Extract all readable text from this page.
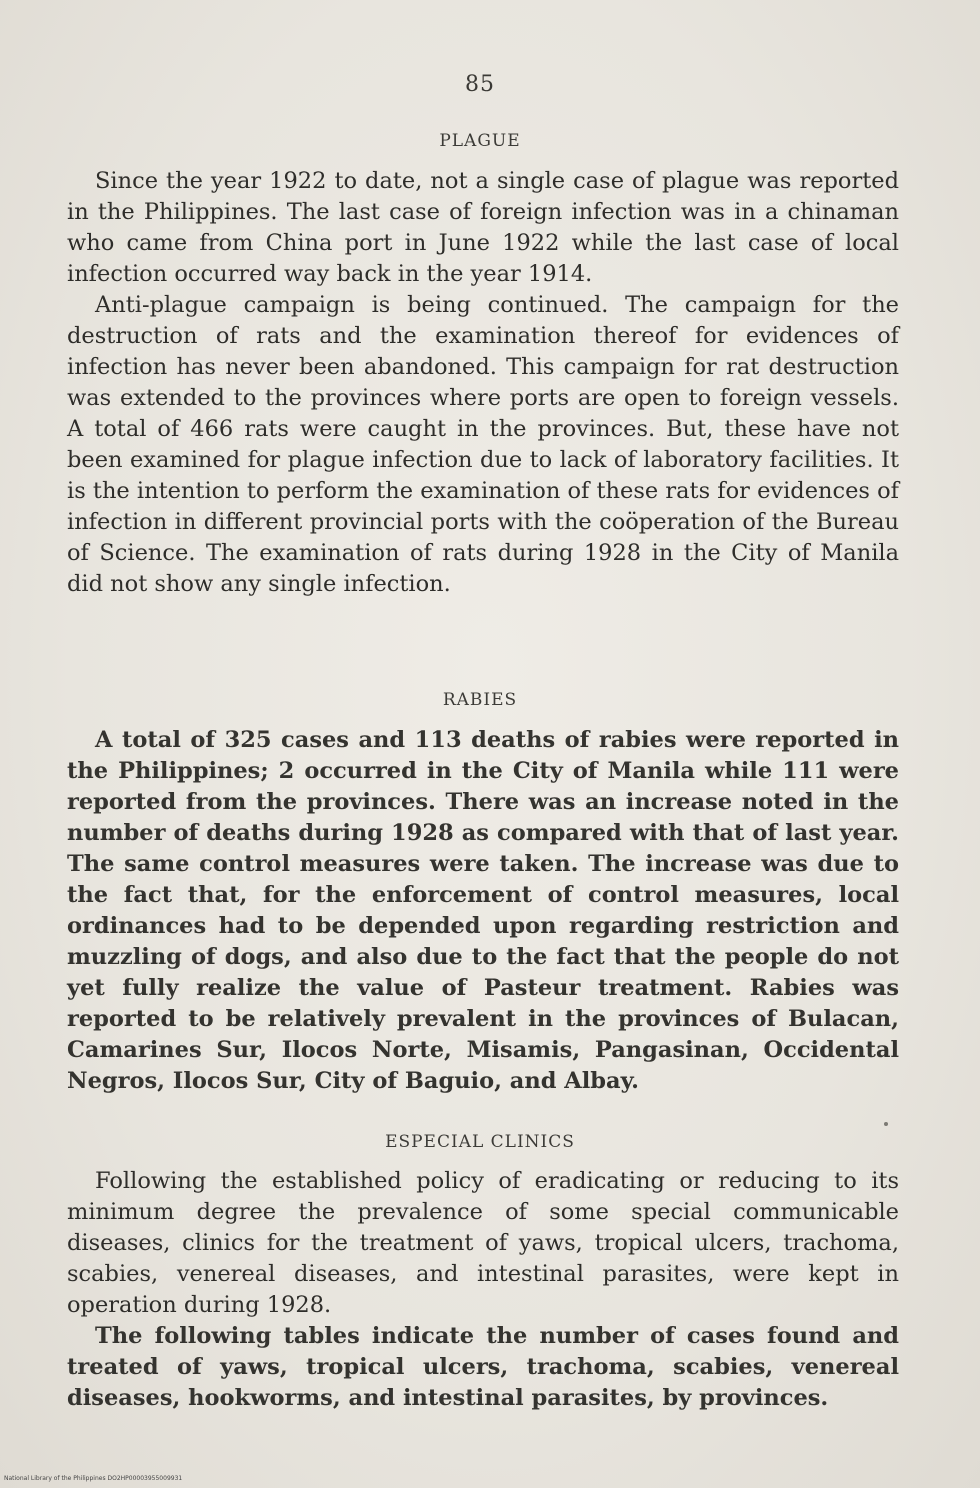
85
PLAGUE

Since the year 1922 to date, not a single case of plague was reported in the Philippines. The last case of foreign infection was in a chinaman who came from China port in June 1922 while the last case of local infection occurred way back in the year 1914.

Anti-plague campaign is being continued. The campaign for the destruction of rats and the examination thereof for evidences of infection has never been abandoned. This campaign for rat destruction was extended to the provinces where ports are open to foreign vessels. A total of 466 rats were caught in the provinces. But, these have not been examined for plague infection due to lack of laboratory facilities. It is the intention to perform the examination of these rats for evidences of infection in different provincial ports with the coöperation of the Bureau of Science. The examination of rats during 1928 in the City of Manila did not show any single infection.

RABIES

A total of 325 cases and 113 deaths of rabies were reported in the Philippines; 2 occurred in the City of Manila while 111 were reported from the provinces. There was an increase noted in the number of deaths during 1928 as compared with that of last year. The same control measures were taken. The increase was due to the fact that, for the enforcement of control measures, local ordinances had to be depended upon regarding restriction and muzzling of dogs, and also due to the fact that the people do not yet fully realize the value of Pasteur treatment. Rabies was reported to be relatively prevalent in the provinces of Bulacan, Camarines Sur, Ilocos Norte, Misamis, Pangasinan, Occidental Negros, Ilocos Sur, City of Baguio, and Albay.

ESPECIAL CLINICS

Following the established policy of eradicating or reducing to its minimum degree the prevalence of some special communicable diseases, clinics for the treatment of yaws, tropical ulcers, trachoma, scabies, venereal diseases, and intestinal parasites, were kept in operation during 1928.

The following tables indicate the number of cases found and treated of yaws, tropical ulcers, trachoma, scabies, venereal diseases, hookworms, and intestinal parasites, by provinces.

National Library of the Philippines DO2HP00003955009931
